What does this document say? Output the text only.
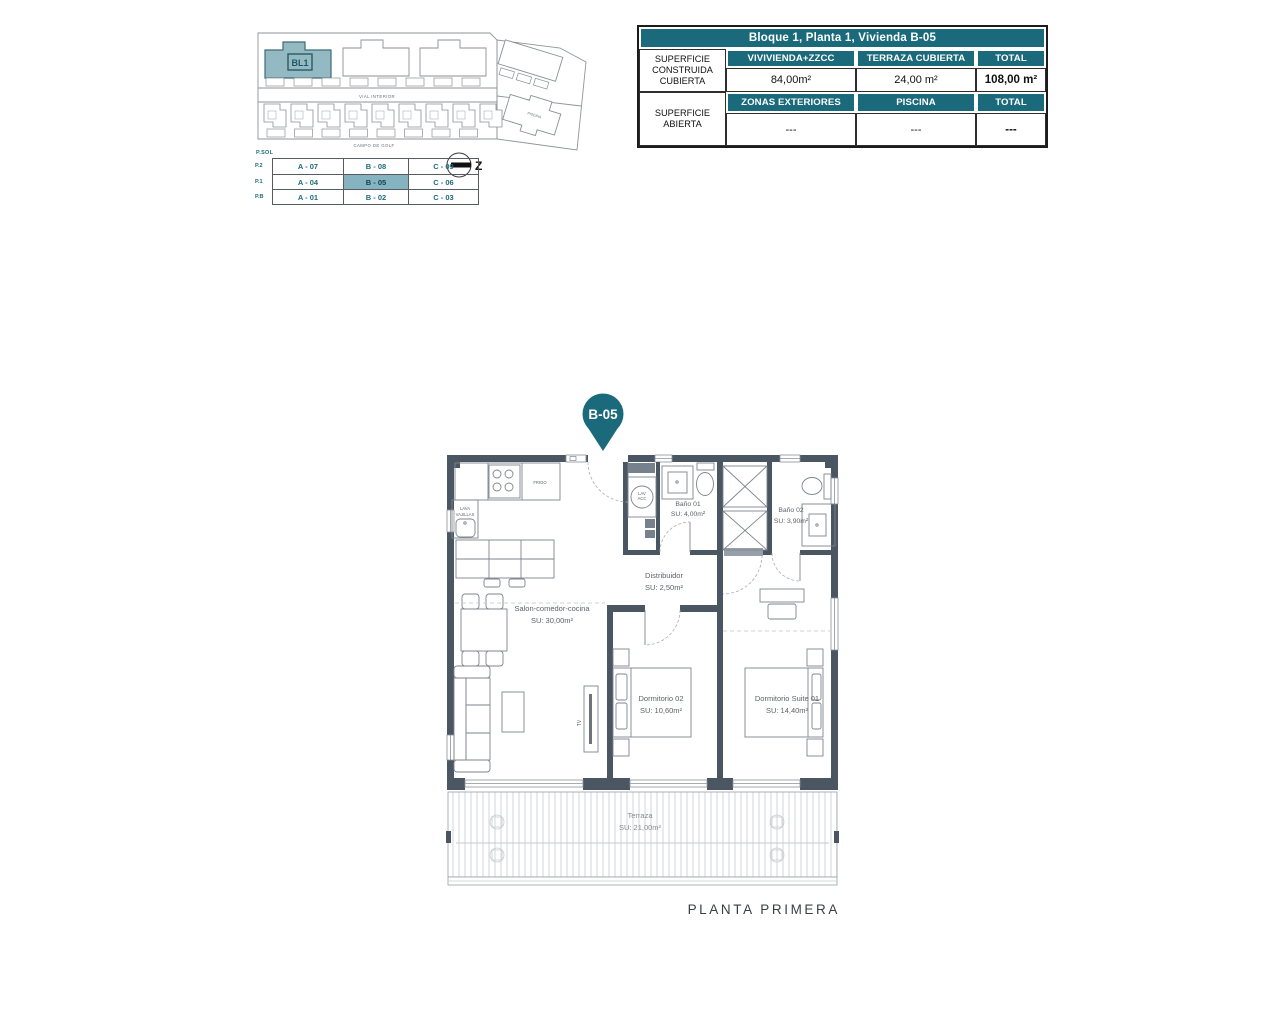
BL1
VIAL INTERIOR
CAMPO DE GOLF
PISCINA
Z
P.SOL
P.2	A - 07	B - 08	C - 09
P.1	A - 04	B - 05	C - 06
P.B	A - 01	B - 02	C - 03
Bloque 1, Planta 1, Vivienda B-05
SUPERFICIE CONSTRUIDA CUBIERTA
VIVIVIENDA+ZZCC	TERRAZA CUBIERTA	TOTAL
84,00m²	24,00 m²	108,00 m²
SUPERFICIE ABIERTA
ZONAS EXTERIORES	PISCINA	TOTAL
---	---	---
Terraza
SU: 21,00m²
FRIGO
LAVA
VAJILLAS
LAV
ACC
TV
Salon-comedor-cocina
SU: 30,00m²
Baño 01
SU: 4,00m²
Baño 02
SU: 3,90m²
Distribuidor
SU: 2,50m²
Dormitorio 02
SU: 10,60m²
Dormitorio Suite 01
SU: 14,40m²
B-05
PLANTA PRIMERA
